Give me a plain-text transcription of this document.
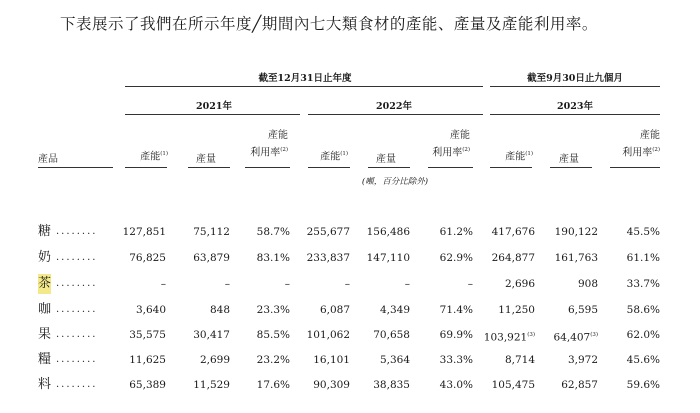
下表展示了我們在所示年度╱期間內七大類食材的產能、產量及產能利用率。
截至12月31日止年度	截至9月30日止九個月
2021年	2022年	2023年
產品	產能$^{(1)}$	產量
產能
利用率$^{(2)}$
產能$^{(1)}$	產量
產能
利用率$^{(2)}$
產能$^{(1)}$	產量
產能
利用率$^{(2)}$
(噸，百分比除外)
糖 ........ 127,851	75,112	58.7% 255,677 156,486	61.2% 417,676 190,122	45.5%
奶 ........	76,825	63,879	83.1% 233,837 147,110	62.9% 264,877 161,763	61.1%
茶 ........	–	–	–	–	–	–	2,696	908	33.7%
咖 ........	3,640	848	23.3%	6,087	4,349	71.4% 11,250	6,595	58.6%
果 ........	35,575	30,417	85.5% 101,062 70,658	69.9% 103,921$^{(3)}$ 64,407$^{(3)}$	62.0%
糧 ........	11,625	2,699	23.2% 16,101	5,364	33.3%	8,714	3,972	45.6%
料 ........	65,389	11,529	17.6% 90,309 38,835	43.0% 105,475	62,857	59.6%
